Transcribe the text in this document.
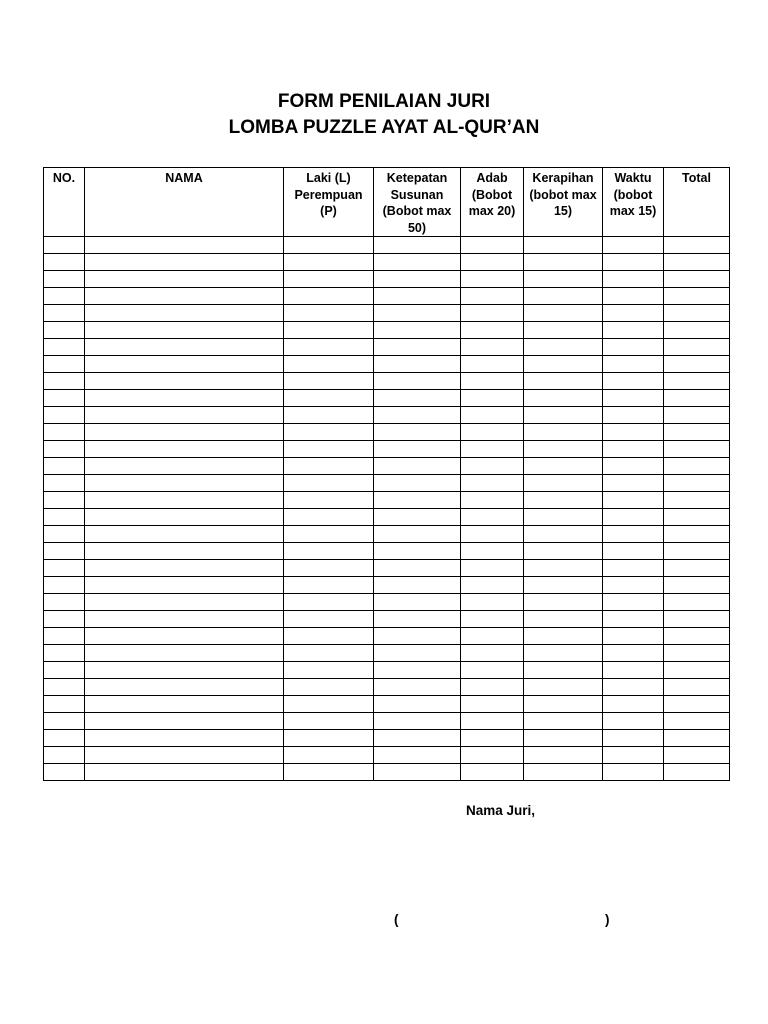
FORM PENILAIAN JURI
LOMBA PUZZLE AYAT AL-QUR’AN
NO.	NAMA	Laki (L) Perempuan (P)	Ketepatan Susunan (Bobot max 50)	Adab (Bobot max 20)	Kerapihan (bobot max 15)	Waktu (bobot max 15)	Total

Nama Juri,
(	)
